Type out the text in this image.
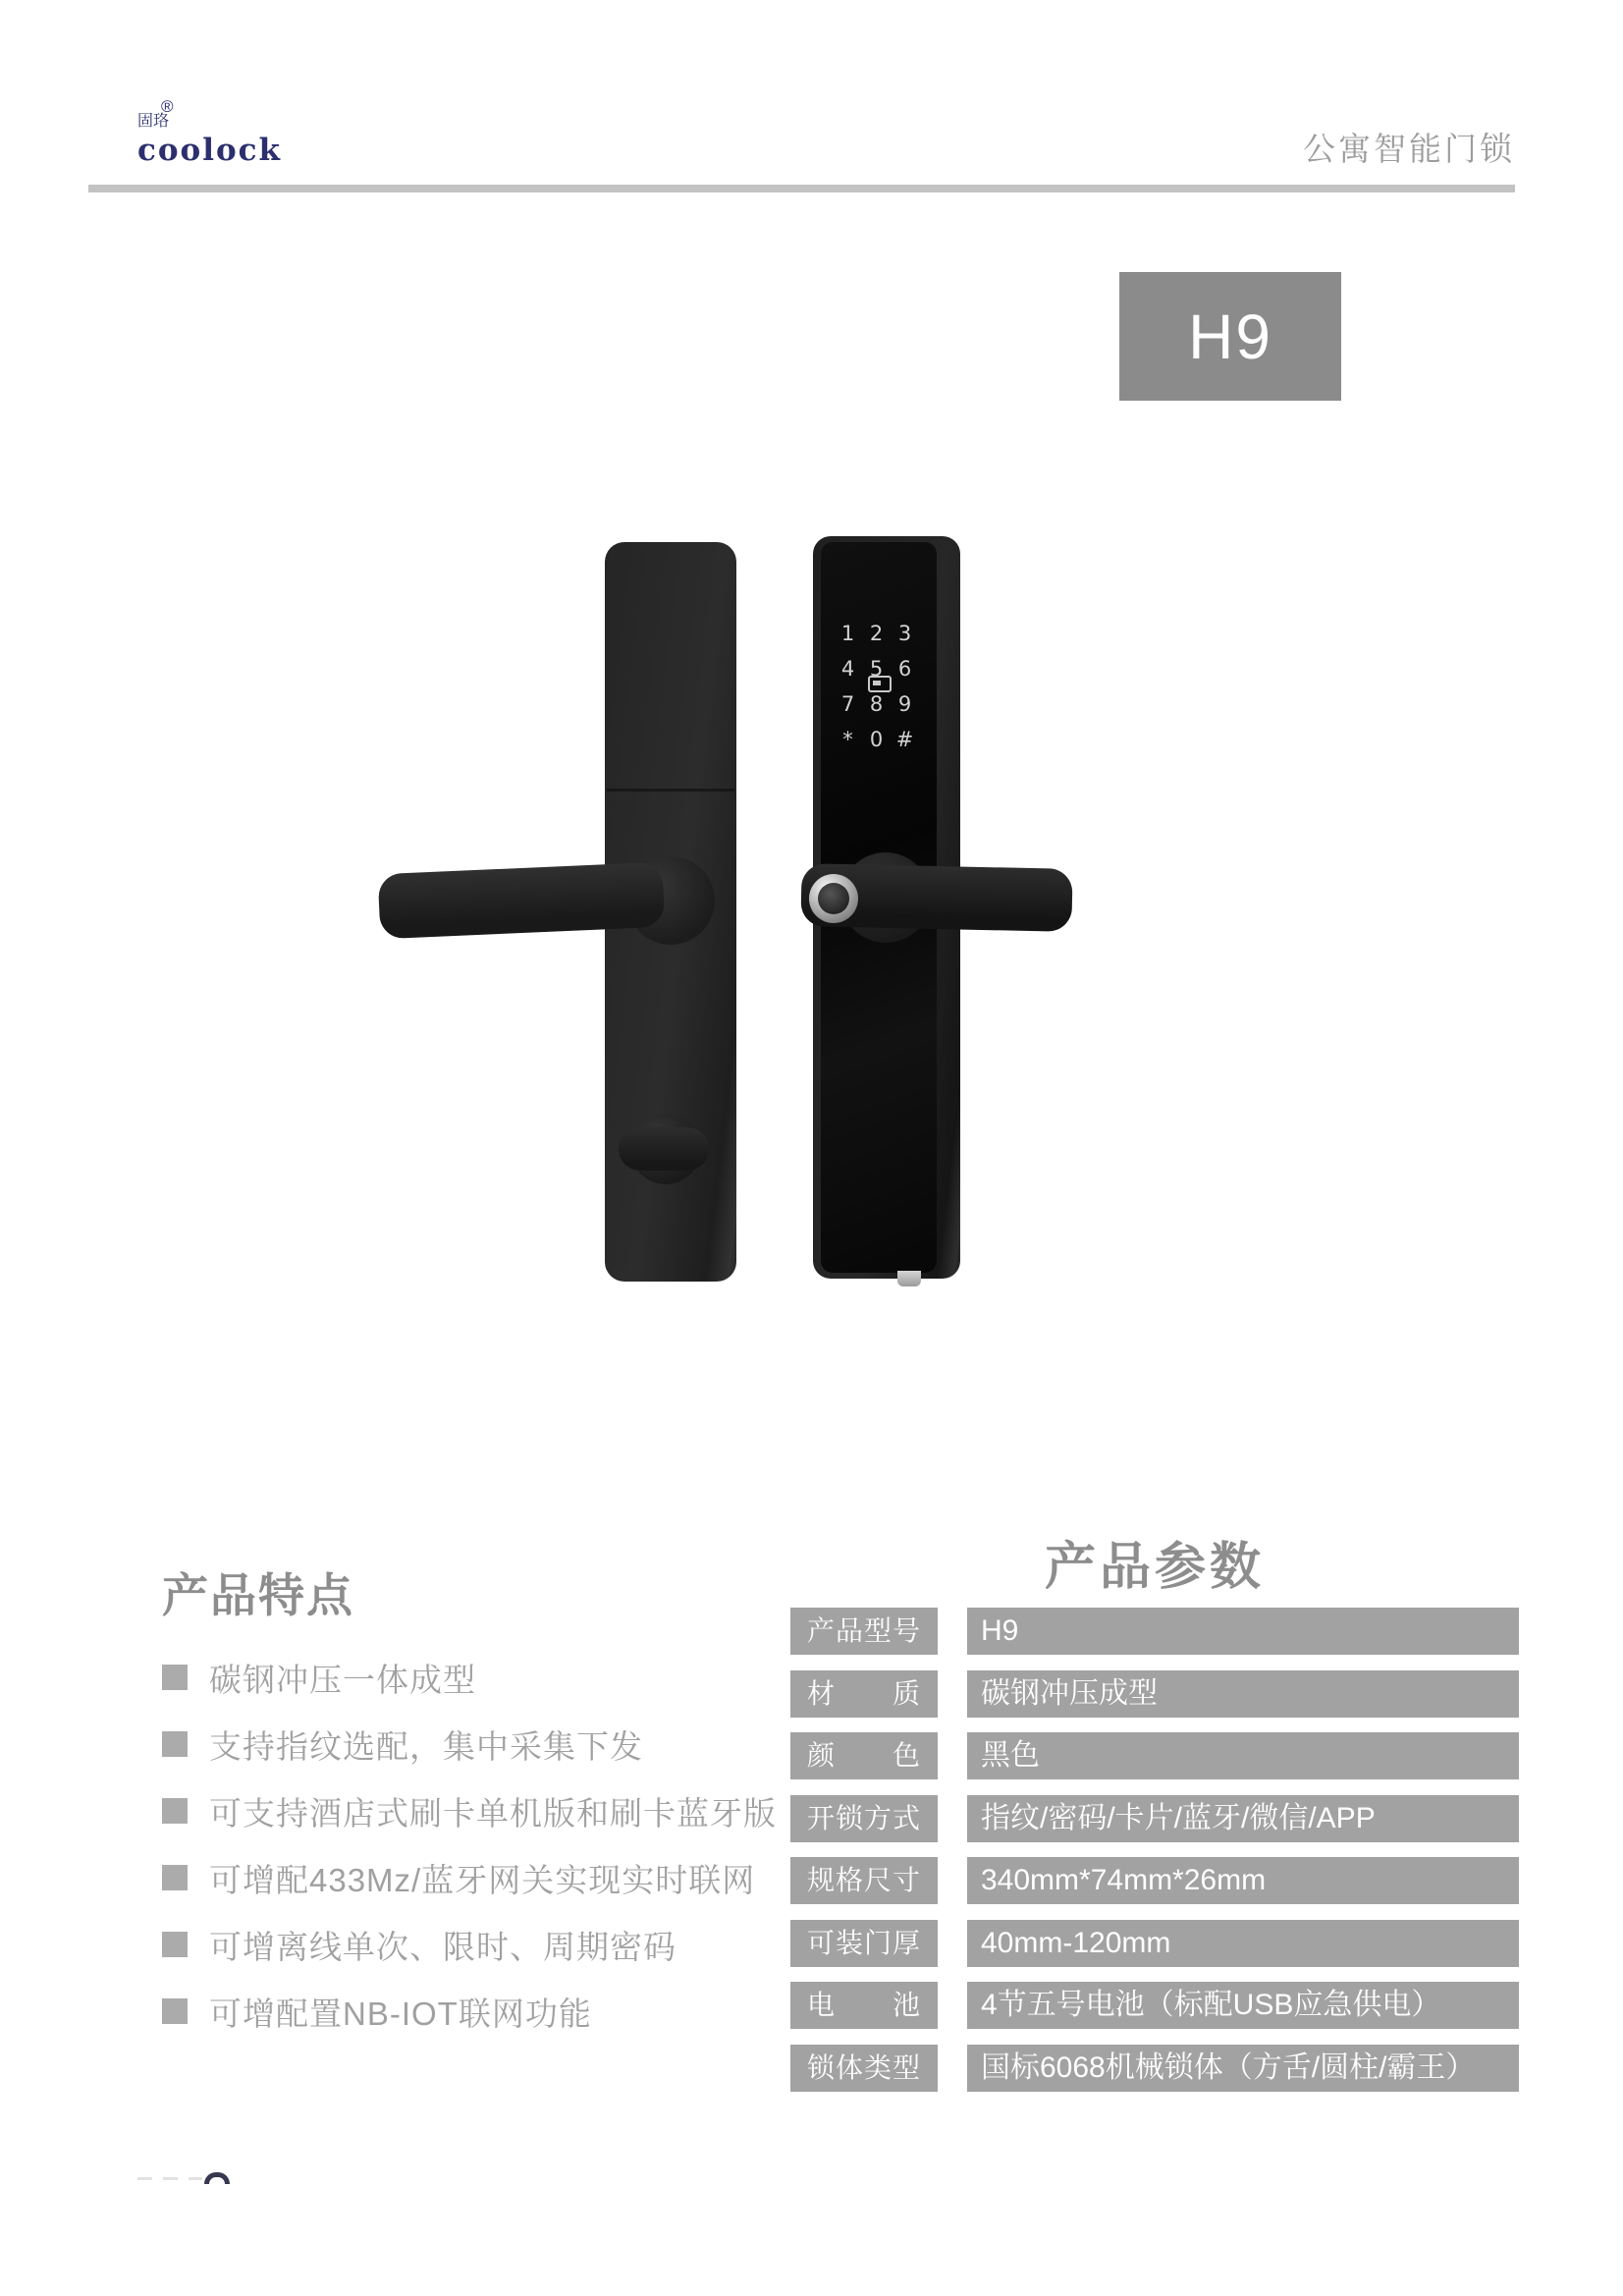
固珞®
coolock	公寓智能门锁
H9
1 2 3
4 5 6
7 8 9
* 0 #
产品特点
碳钢冲压一体成型
支持指纹选配，集中采集下发
可支持酒店式刷卡单机版和刷卡蓝牙版
可增配433Mz/蓝牙网关实现实时联网
可增离线单次、限时、周期密码
可增配置NB-IOT联网功能
产品参数
产品型号	H9
材　　质	碳钢冲压成型
颜　　色	黑色
开锁方式	指纹/密码/卡片/蓝牙/微信/APP
规格尺寸	340mm*74mm*26mm
可装门厚	40mm-120mm
电　　池	4节五号电池（标配USB应急供电）
锁体类型	国标6068机械锁体（方舌/圆柱/霸王）
